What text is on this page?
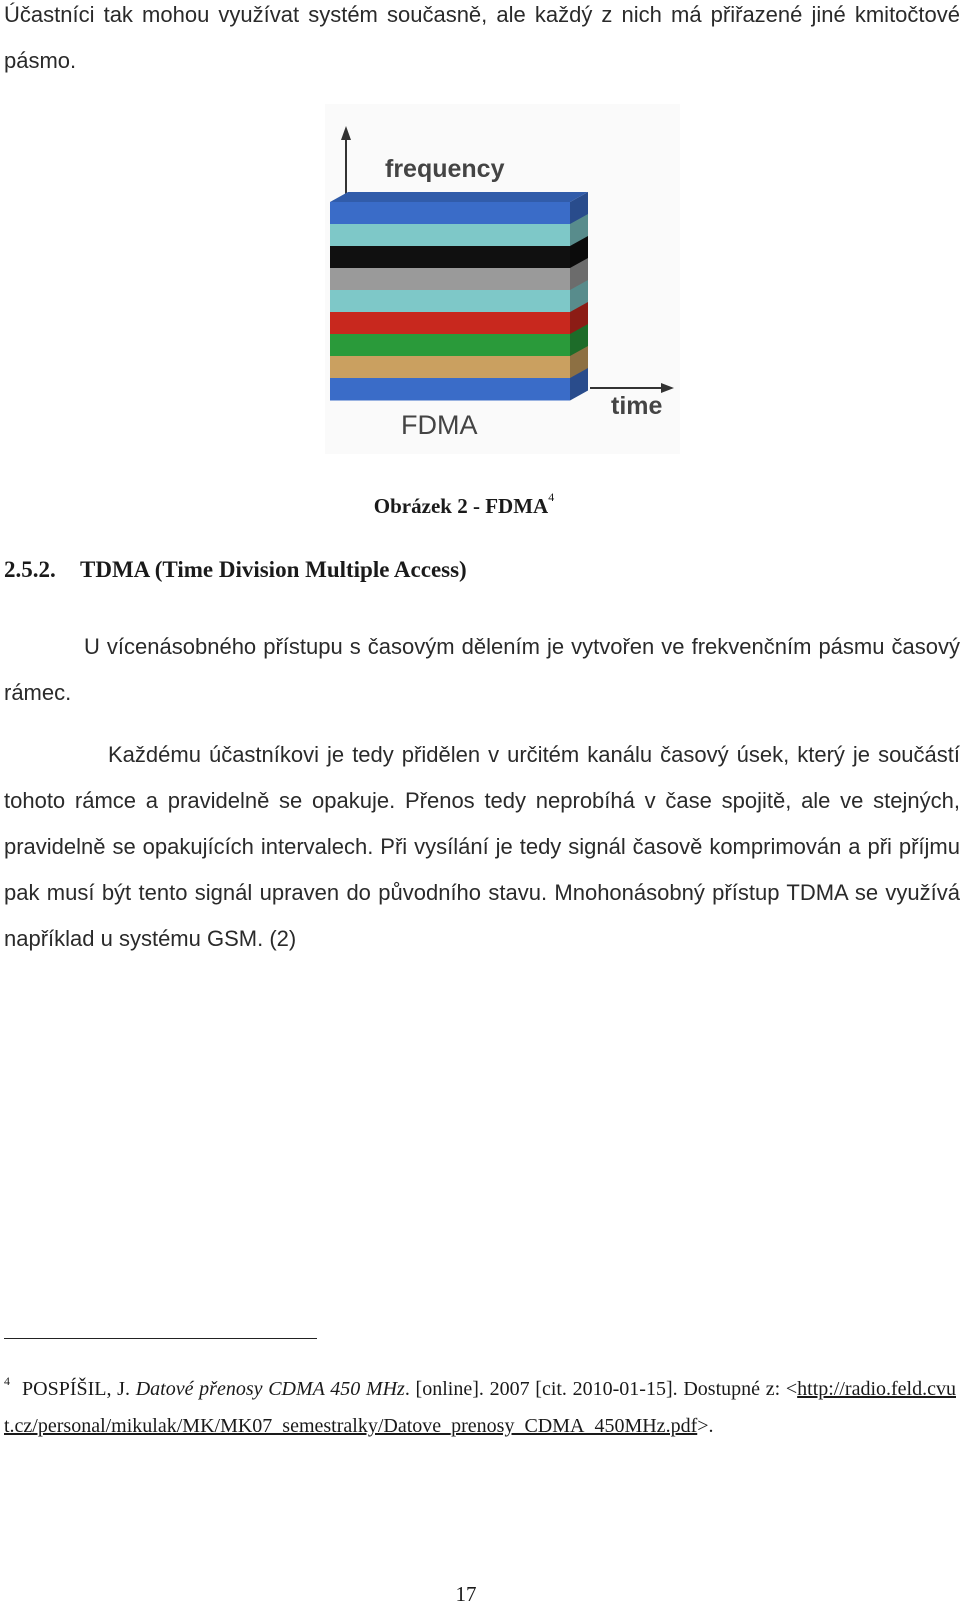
Účastníci tak mohou využívat systém současně, ale každý z nich má přiřazené jiné kmitočtové pásmo.

frequency
time
FDMA
Obrázek 2 - FDMA$^4$
2.5.2. TDMA (Time Division Multiple Access)

U vícenásobného přístupu s časovým dělením je vytvořen ve frekvenčním pásmu časový rámec.

Každému účastníkovi je tedy přidělen v určitém kanálu časový úsek, který je součástí tohoto rámce a pravidelně se opakuje. Přenos tedy neprobíhá v čase spojitě, ale ve stejných, pravidelně se opakujících intervalech. Při vysílání je tedy signál časově komprimován a při příjmu pak musí být tento signál upraven do původního stavu. Mnohonásobný přístup TDMA se využívá například u systému GSM. (2)

$^4$ POSPÍŠIL, J. Datové přenosy CDMA 450 MHz. [online]. 2007 [cit. 2010-01-15]. Dostupné z: <http://radio.feld.cvut.cz/personal/mikulak/MK/MK07_semestralky/Datove_prenosy_CDMA_450MHz.pdf>.

17
